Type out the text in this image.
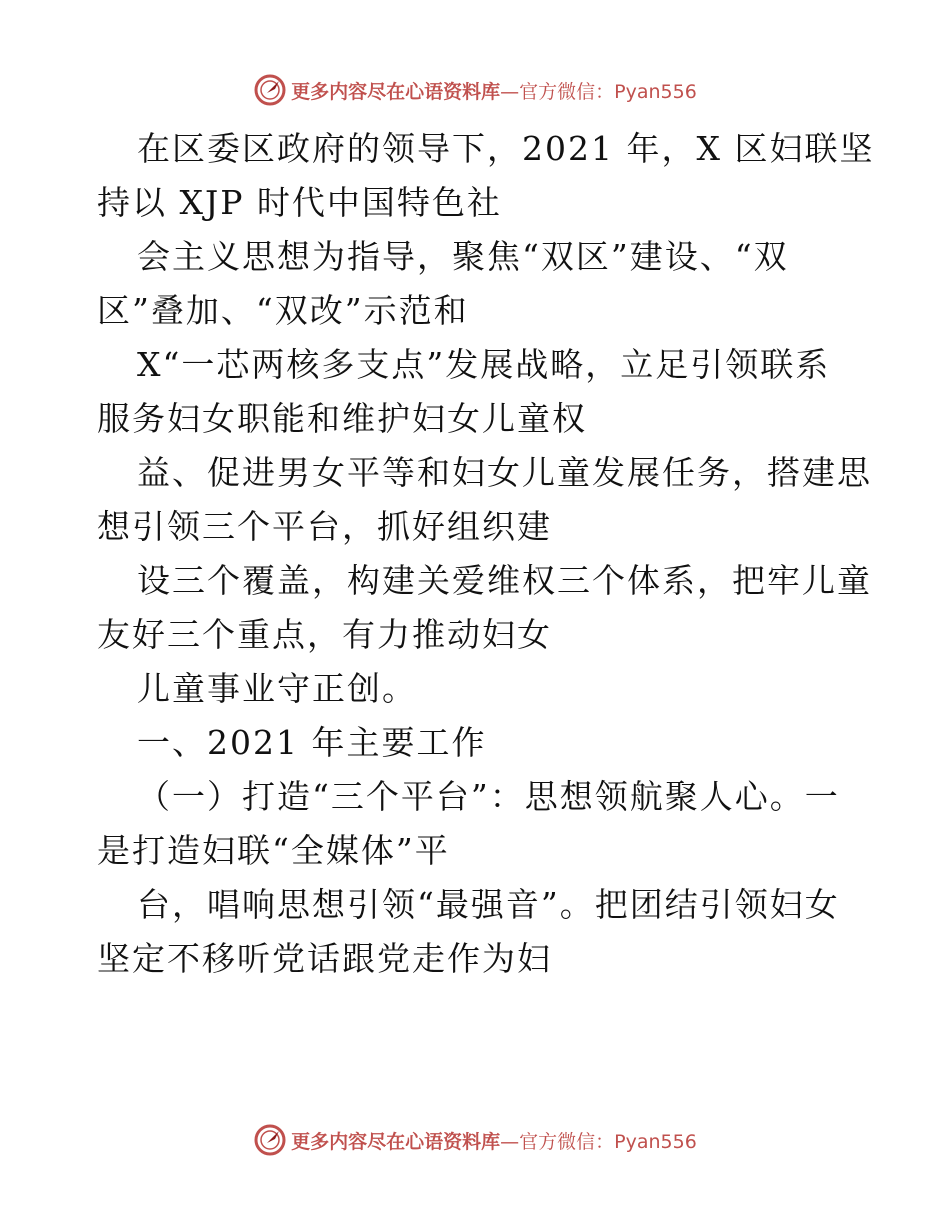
更多内容尽在心语资料库—官方微信：Pyan556
在区委区政府的领导下，2021 年，X 区妇联坚
持以 XJP 时代中国特色社
会主义思想为指导，聚焦“双区”建设、“双
区”叠加、“双改”示范和
X“一芯两核多支点”发展战略，立足引领联系
服务妇女职能和维护妇女儿童权
益、促进男女平等和妇女儿童发展任务，搭建思
想引领三个平台，抓好组织建
设三个覆盖，构建关爱维权三个体系，把牢儿童
友好三个重点，有力推动妇女
儿童事业守正创。
一、2021 年主要工作
（一）打造“三个平台”：思想领航聚人心。一
是打造妇联“全媒体”平
台，唱响思想引领“最强音”。把团结引领妇女
坚定不移听党话跟党走作为妇
更多内容尽在心语资料库—官方微信：Pyan556
